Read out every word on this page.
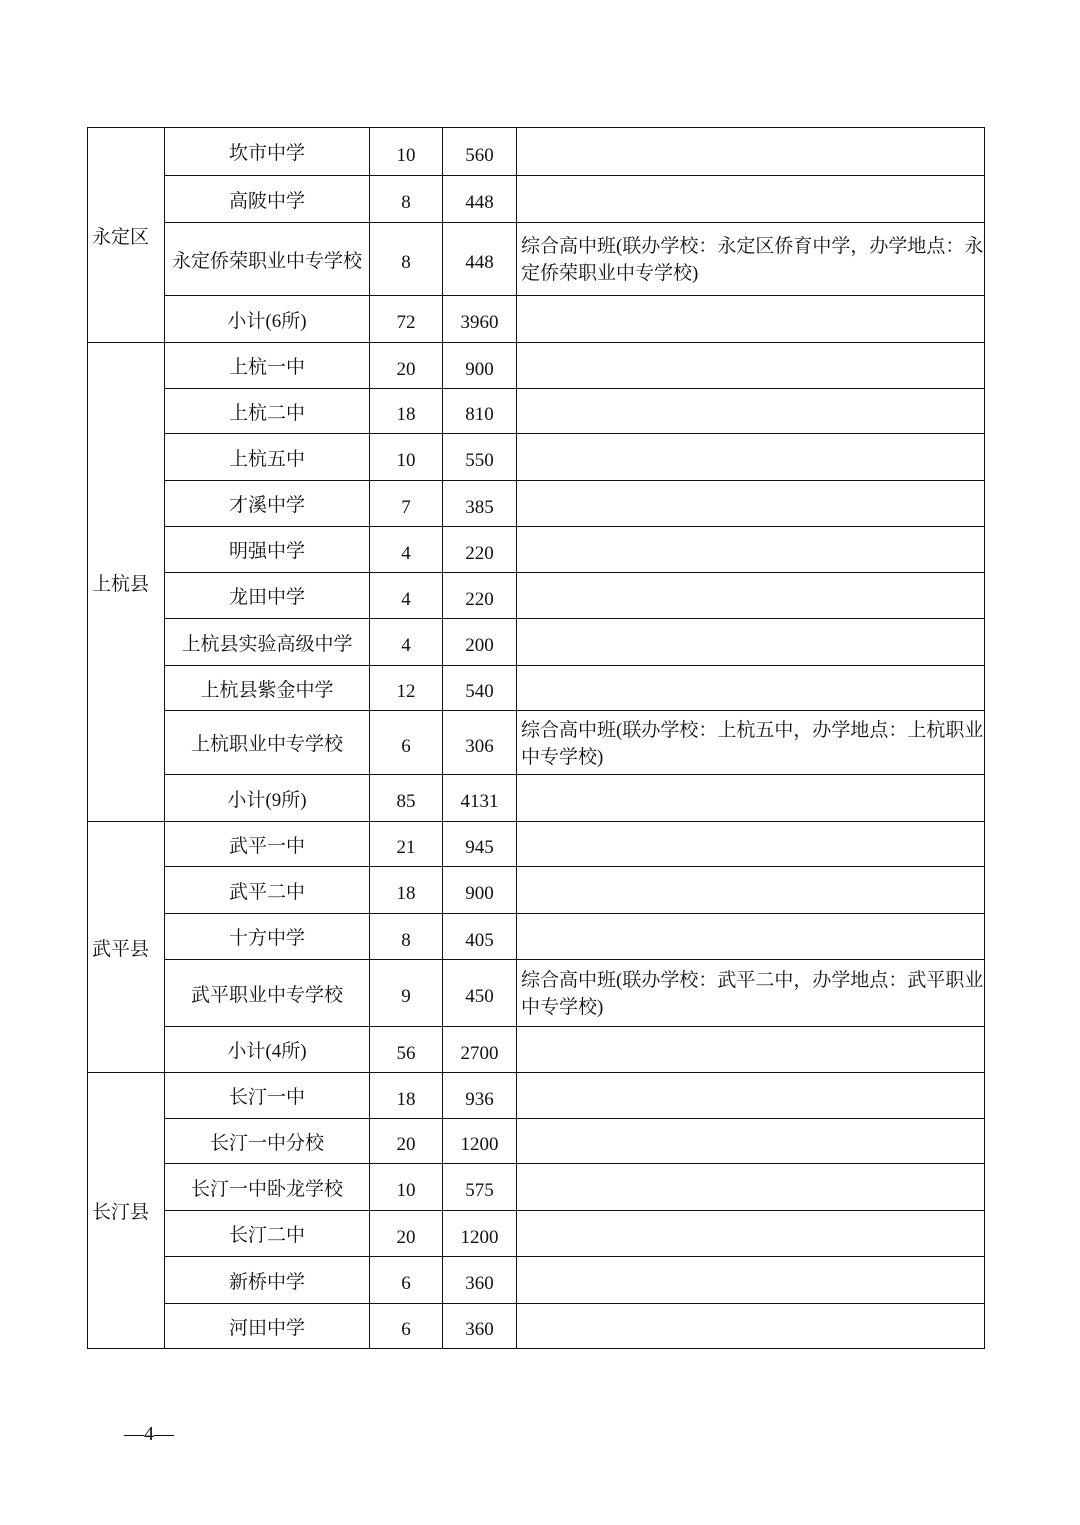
永定区	坎市中学	10	560	
	高陂中学	8	448	
	永定侨荣职业中专学校	8	448	综合高中班(联办学校：永定区侨育中学，办学地点：永定侨荣职业中专学校)
	小计(6所)	72	3960	
上杭县	上杭一中	20	900	
	上杭二中	18	810	
	上杭五中	10	550	
	才溪中学	7	385	
	明强中学	4	220	
	龙田中学	4	220	
	上杭县实验高级中学	4	200	
	上杭县紫金中学	12	540	
	上杭职业中专学校	6	306	综合高中班(联办学校：上杭五中，办学地点：上杭职业中专学校)
	小计(9所)	85	4131	
武平县	武平一中	21	945	
	武平二中	18	900	
	十方中学	8	405	
	武平职业中专学校	9	450	综合高中班(联办学校：武平二中，办学地点：武平职业中专学校)
	小计(4所)	56	2700	
长汀县	长汀一中	18	936	
	长汀一中分校	20	1200	
	长汀一中卧龙学校	10	575	
	长汀二中	20	1200	
	新桥中学	6	360	
	河田中学	6	360	
—4—
